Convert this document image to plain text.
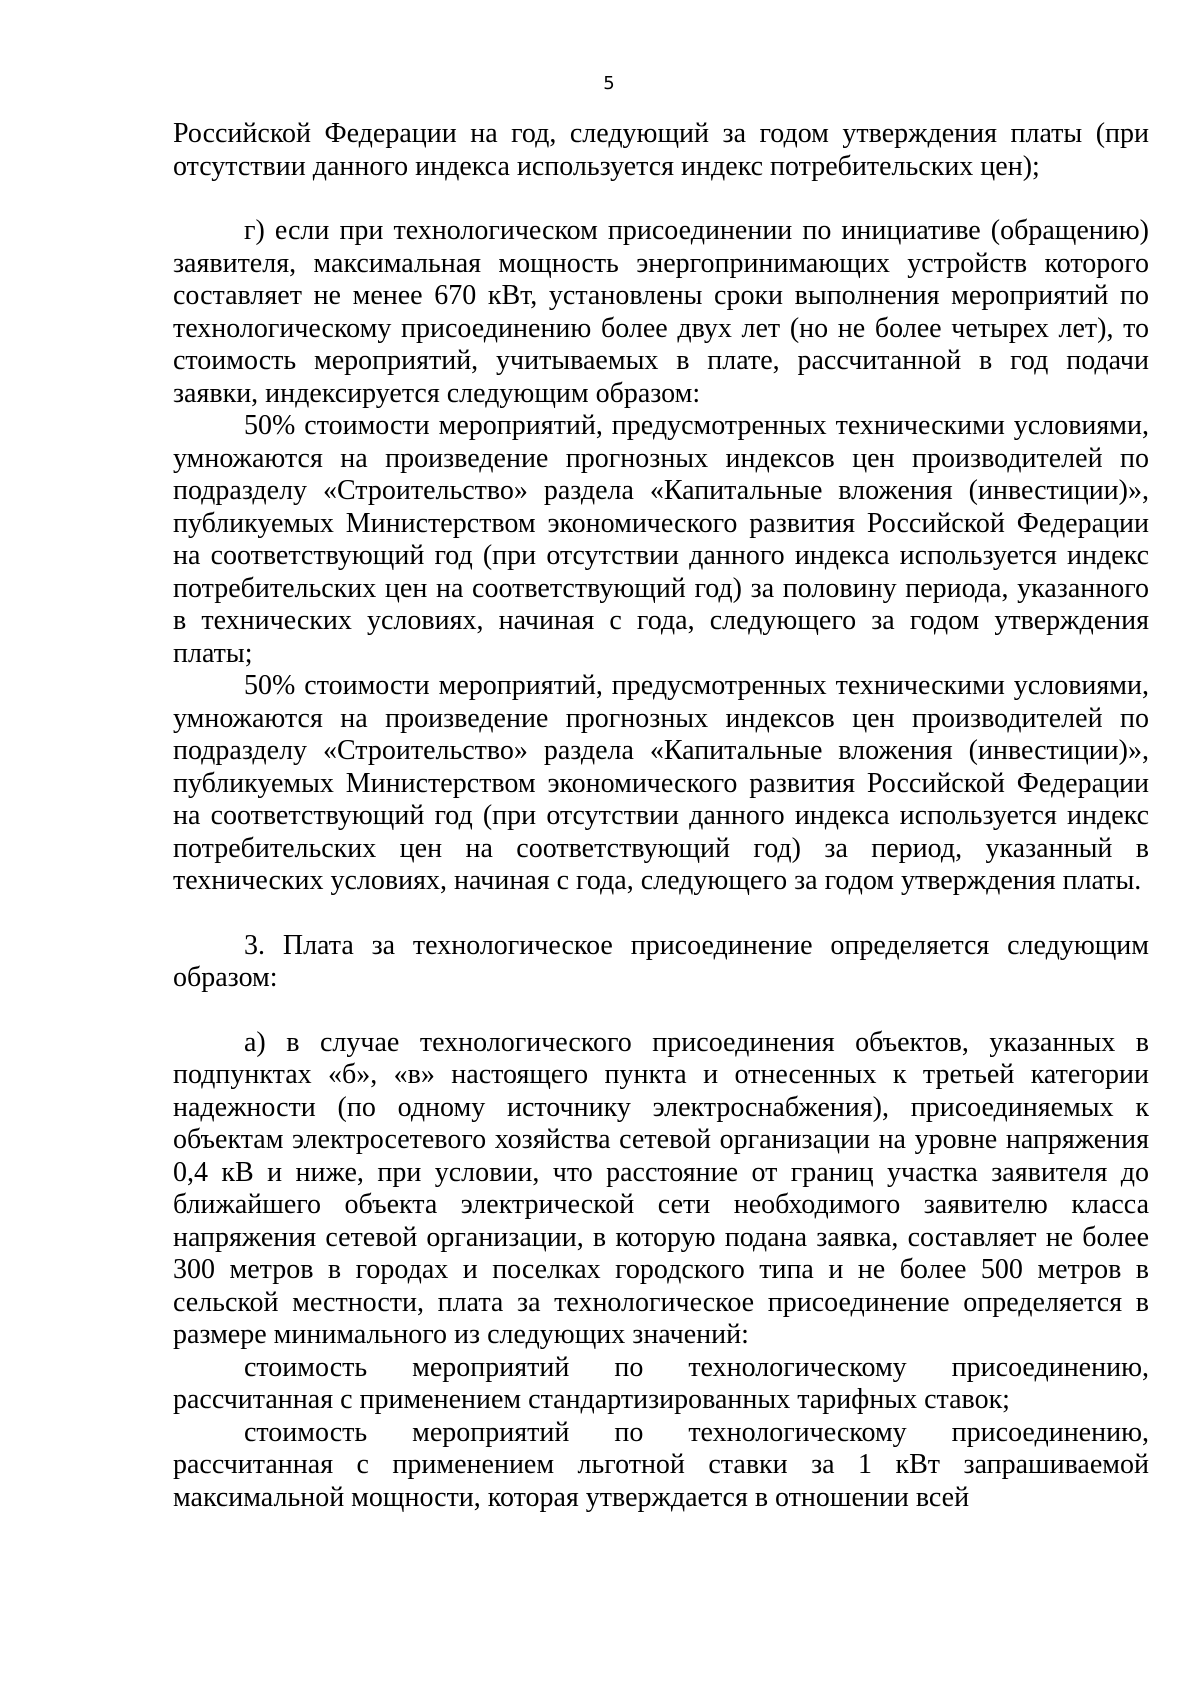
5

Российской Федерации на год, следующий за годом утверждения платы (при отсутствии данного индекса используется индекс потребительских цен);

г) если при технологическом присоединении по инициативе (обращению) заявителя, максимальная мощность энергопринимающих устройств которого составляет не менее 670 кВт, установлены сроки выполнения мероприятий по технологическому присоединению более двух лет (но не более четырех лет), то стоимость мероприятий, учитываемых в плате, рассчитанной в год подачи заявки, индексируется следующим образом:

50% стоимости мероприятий, предусмотренных техническими условиями, умножаются на произведение прогнозных индексов цен производителей по подразделу «Строительство» раздела «Капитальные вложения (инвестиции)», публикуемых Министерством экономического развития Российской Федерации на соответствующий год (при отсутствии данного индекса используется индекс потребительских цен на соответствующий год) за половину периода, указанного в технических условиях, начиная с года, следующего за годом утверждения платы;

50% стоимости мероприятий, предусмотренных техническими условиями, умножаются на произведение прогнозных индексов цен производителей по подразделу «Строительство» раздела «Капитальные вложения (инвестиции)», публикуемых Министерством экономического развития Российской Федерации на соответствующий год (при отсутствии данного индекса используется индекс потребительских цен на соответствующий год) за период, указанный в технических условиях, начиная с года, следующего за годом утверждения платы.

3. Плата за технологическое присоединение определяется следующим образом:

а) в случае технологического присоединения объектов, указанных в подпунктах «б», «в» настоящего пункта и отнесенных к третьей категории надежности (по одному источнику электроснабжения), присоединяемых к объектам электросетевого хозяйства сетевой организации на уровне напряжения 0,4 кВ и ниже, при условии, что расстояние от границ участка заявителя до ближайшего объекта электрической сети необходимого заявителю класса напряжения сетевой организации, в которую подана заявка, составляет не более 300 метров в городах и поселках городского типа и не более 500 метров в сельской местности, плата за технологическое присоединение определяется в размере минимального из следующих значений:

стоимость мероприятий по технологическому присоединению, рассчитанная с применением стандартизированных тарифных ставок;

стоимость мероприятий по технологическому присоединению, рассчитанная с применением льготной ставки за 1 кВт запрашиваемой максимальной мощности, которая утверждается в отношении всей
